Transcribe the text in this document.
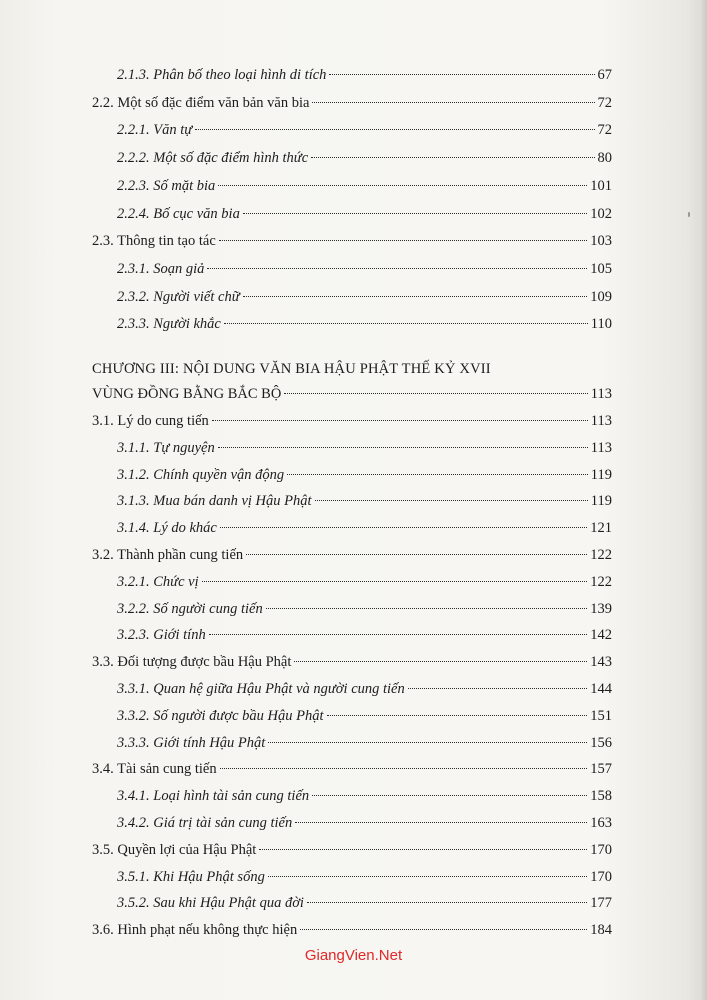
2.1.3. Phân bố theo loại hình di tích	67
2.2. Một số đặc điểm văn bản văn bia	72
2.2.1. Văn tự	72
2.2.2. Một số đặc điểm hình thức	80
2.2.3. Số mặt bia	101
2.2.4. Bố cục văn bia	102
2.3. Thông tin tạo tác	103
2.3.1. Soạn giả	105
2.3.2. Người viết chữ	109
2.3.3. Người khắc	110
CHƯƠNG III: NỘI DUNG VĂN BIA HẬU PHẬT THẾ KỶ XVII
VÙNG ĐỒNG BẰNG BẮC BỘ	113
3.1. Lý do cung tiến	113
3.1.1. Tự nguyện	113
3.1.2. Chính quyền vận động	119
3.1.3. Mua bán danh vị Hậu Phật	119
3.1.4. Lý do khác	121
3.2. Thành phần cung tiến	122
3.2.1. Chức vị	122
3.2.2. Số người cung tiến	139
3.2.3. Giới tính	142
3.3. Đối tượng được bầu Hậu Phật	143
3.3.1. Quan hệ giữa Hậu Phật và người cung tiến	144
3.3.2. Số người được bầu Hậu Phật	151
3.3.3. Giới tính Hậu Phật	156
3.4. Tài sản cung tiến	157
3.4.1. Loại hình tài sản cung tiến	158
3.4.2. Giá trị tài sản cung tiến	163
3.5. Quyền lợi của Hậu Phật	170
3.5.1. Khi Hậu Phật sống	170
3.5.2. Sau khi Hậu Phật qua đời	177
3.6. Hình phạt nếu không thực hiện	184
GiangVien.Net
